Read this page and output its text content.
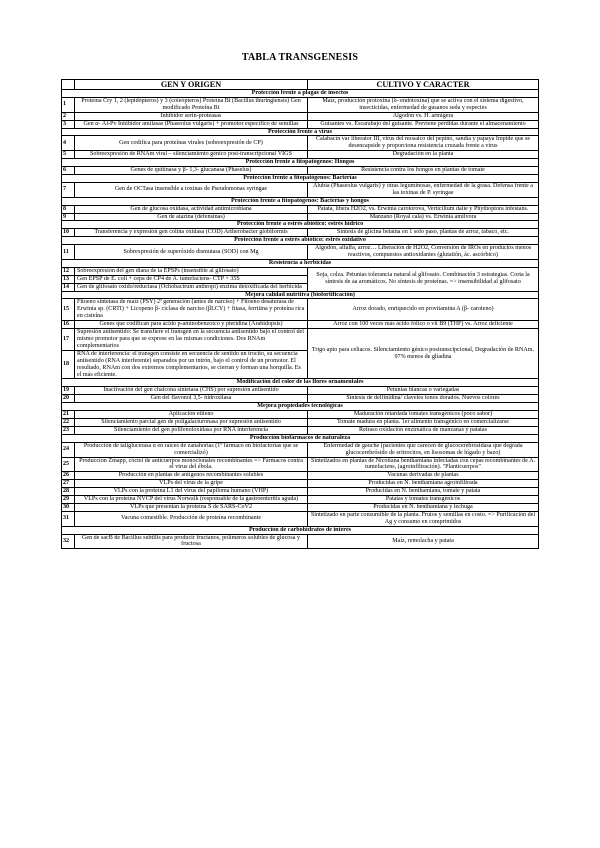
TABLA TRANSGENESIS
	GEN Y ORIGEN	CULTIVO Y CARACTER
Protección frente a plagas de insectos		
1	Proteína Cry 1, 2 (lepidópteros) y 3 (coleópteros) Proteína Bt (Bacillus thuringiensis) Gen modificado Proteína Bt	Maíz, producción protoxina (δ- endotoxina) que se activa con el sistema digestivo, insecticidas, enfermedad de gusanos seda y especies
2	Inhibidor serin-proteasas	Algodón vs. H. armigera
3	Gen α- Al-Pv Inhibidor amilasas (Phaseolus vulgaris) + promotor específico de semillas	Guisantes vs. Escarabajo del guisante. Previene pérdidas durante el almacenamiento
Protección frente a virus		
4	Gen codifica para proteínas virales (sobreexpresión de CP)	Calabacín var liberator III, virus del mosaico del pepino, sandía y papaya Impide que se desencapside y proporciona resistencia cruzada frente a virus
5	Sobreexpresión de RNAm viral – silenciamiento génico post-transcripcional VIGS	Degradación en la planta
Protección frente a fitopatógenos: Hongos		
6	Genes de quitinasa y β- 1,3- glucanasa (Phaselus)	Resistencia contra los hongos en plantas de tomate
Protección frente a fitopatógenos: Bacterias		
7	Gen de OCTasa insensible a toxinas de Pseudomonas syringae	Alubia (Phaseolus vulgaris) y otras leguminosas, enfermedad de la grasa. Defensa frente a las toxinas de P. syringae
Protección frente a fitopatógenos: Bacterias y hongos		
8	Gen de glucosa oxidasa, actividad antimicrobiana	Patata, libera H2O2, vs. Erwinia carotorova, Verticillum dalie y Phythoptora infestans.
9	Gen de atazina (defensinas)	Manzano (Royal cala) vs. Erwinia amilvora
Protección frente a estrés abiótico: estrés hídrico		
10	Transferencia y expresión gen colina oxidasa (COD) Artherobacter globiformis	Síntesis de glicina betaína en 1 solo paso, plantas de arroz, tabaco, etc.
Protección frente a estrés abiótico: estrés oxidativo		
11	Sobrexpresión de superóxido dismutasa (SOD) con Mg	Algodón, alfalfa, arroz… Liberación de H2O2, Conversión de IROs en productos menos reactivos, compuestos antioxidantes (glutatión, ác. ascórbico)
Resistencia a herbicidas		
12	Sobreexpresión del gen diana de la EPSPs (insensible al glifosato)	Soja, colza. Petunias tolerancia natural al glifosato. Combinación 3 estrategias. Corta la síntesis de aa aromáticos. No síntesis de proteínas. => insensibilidad al glifosato
13	Gen EPSP de E. coli + cepa de CP4 de A. tumefaciens- CTP + 35S	
14	Gen de glifosato oxido/reductasa (Ochobactrum anthropi) enzima detoxificada del herbicida	
Mejora calidad nutritiva (biofortificación)		
15	Fitoeno sintetasa de maíz (PSY) 2ª generación (antes de narciso) + Fitoeno desaturasa de Erwinia sp. (CRTI) + Licopeno β- ciclasa de narciso (βLCY) + fitasa, ferritina y proteína rica en cisteína	Arroz dorado, enriquecido en provitamina A (β- caroteno)
16	Genes que codifican para ácido p-aminobenzoico y pteridina (Arabidopsis)	Arroz con 100 veces más ácido fólico o vit B9 (THF) vs. Arroz deficiente
17	Supresión antisentido: Se transfiere el transgen en la secuencia antisentido bajo el control del mismo promotor para que se exprese en las mismas condiciones. Dos RNAm complementarios	Trigo apto para celiacos. Silenciamiento génico postranscipcional, Degradación de RNAm. 97% menos de gliadina
18	RNA de interferencia: el transgen consiste en secuencia de sentido un trocito, su secuencia antisentido (RNA interferente) separados por un intrón, bajo el control de un promotor. El resultado, RNAm con dos extremos complementarios, se cierran y forman una horquilla. Es el más eficiente.	
Modificación del color de las flores ornamentales		
19	Inactivación del gen chalcona sintetasa (CHS) por supresión antisentido	Petunias blancas o variegadas
20	Gen del flavonol 3,5- hidroxilasa	Síntesis de delfinidina/ claveles tonos dorados. Nuevos colores
Mejora propiedades tecnológicas		
21	Aplicación etileno	Maduración retardada tomates transgénicos (poco sabor)
22	Silenciamiento parcial gen de poligalacturonasa por supresión antisentido	Tomate madura en planta. 1er alimento transgénico en comercializarse
23	Silenciamiento del gen polifenoloxidasa por RNA interferencia	Retraso oxidación enzimática de manzanas y patatas
Producción biofármacos de naturaleza		
24	Producción de taliglucerasa α en raíces de zanahorias (1º fármaco en biofactorías que se comercializó)	Enfermedad de gauche (pacientes que carecen de glucocerebrosidasa que degrada glucocerebrósido de eritrocitos, en lisosomas de hígado y bazo)
25	Producción Zmapp, cóctel de anticuerpos monoclonales recombinantes => Fármacos contra el virus del ébola.	Sintetizados en plantas de Nicotiana benthamiana infectadas con cepas recombinantes de A. tumefaciens, (agroinfiltración). "Planticuerpos"
26	Producción en plantas de antígenos recombinantes solubles	Vacunas derivadas de plantas
27	VLPs del virus de la gripe	Producidas en N. benthamiana agroinfiltrada
28	VLPs con la proteína L1 del virus del papiloma humano (VHP)	Producidas en N. benthamiana, tomate y patata
29	VLPs con la proteína NVCP del virus Norwalk (responsable de la gastroenteritis aguda)	Patatas y tomates transgénicos
30	VLPs que presentan la proteína S de SARS-CoV2	Producidas en N. benthamiana y lechuga
31	Vacuna comestible. Producción de proteína recombinante	Sintetizado en parte consumible de la planta. Frutos y semillas en costo. => Purificación del Ag y consumo en comprimidos
Producción de carbohidratos de interés		
32	Gen de sacB de Bacillus subtilis para producir fructanos, polímeros solubles de glucosa y fructosa	Maíz, remolacha y patata
